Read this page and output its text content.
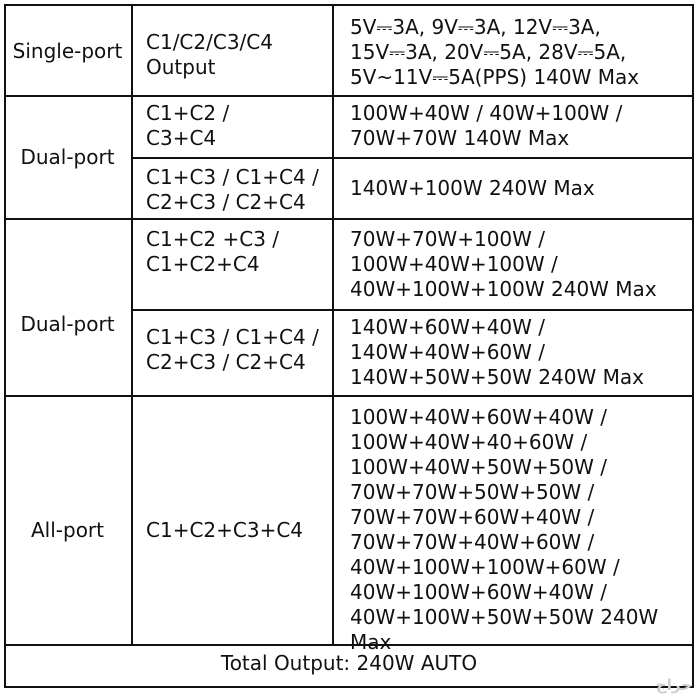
Single-port
Dual-port
Dual-port
All-port
C1/C2/C3/C4
Output
C1+C2 /
C3+C4
C1+C3 / C1+C4 /
C2+C3 / C2+C4
C1+C2 +C3 /
C1+C2+C4
C1+C3 / C1+C4 /
C2+C3 / C2+C4
C1+C2+C3+C4
5V⎓3A, 9V⎓3A, 12V⎓3A,
15V⎓3A, 20V⎓5A, 28V⎓5A,
5V~11V⎓5A(PPS) 140W Max
100W+40W / 40W+100W /
70W+70W 140W Max
140W+100W 240W Max
70W+70W+100W /
100W+40W+100W /
40W+100W+100W 240W Max
140W+60W+40W /
140W+40W+60W /
140W+50W+50W 240W Max
100W+40W+60W+40W /
100W+40W+40+60W /
100W+40W+50W+50W /
70W+70W+50W+50W /
70W+70W+60W+40W /
70W+70W+40W+60W /
40W+100W+100W+60W /
40W+100W+60W+40W /
40W+100W+50W+50W 240W Max
Total Output: 240W AUTO
حراج
